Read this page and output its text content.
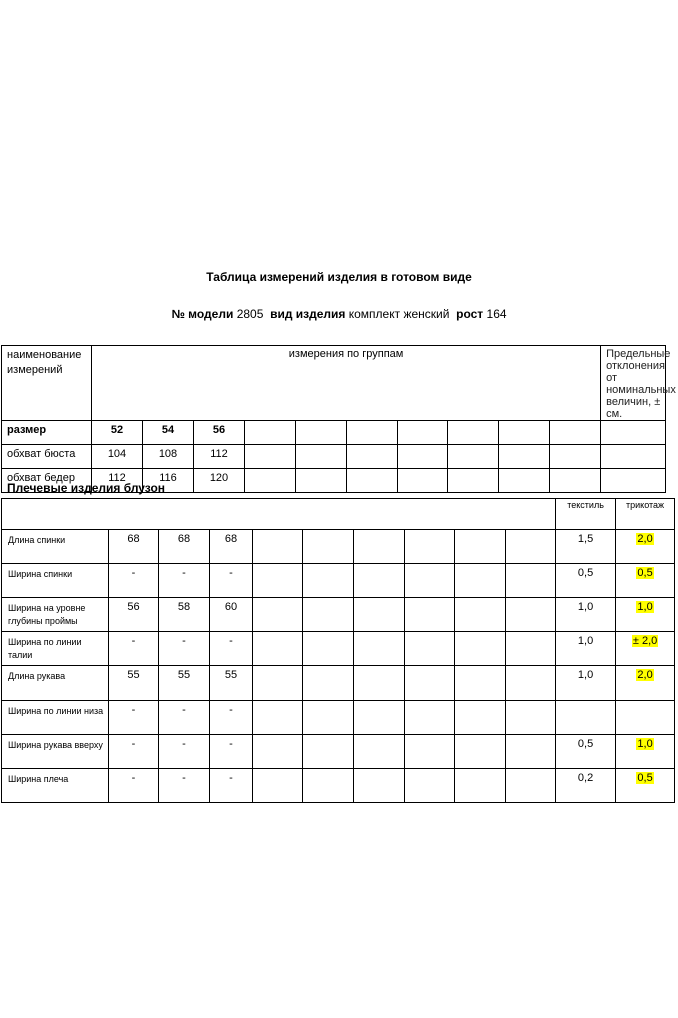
Таблица измерений изделия в готовом виде
№ модели 2805 вид изделия комплект женский рост 164
наименование измерений	измерения по группам										Предельные отклонения от номинальных величин, ± см.
размер	52	54	56								
обхват бюста	104	108	112								
обхват бедер	112	116	120								
Плечевые изделия блузон
										текстиль	трикотаж
Длина спинки	68	68	68							1,5	2,0
Ширина спинки	-	-	-							0,5	0,5
Ширина на уровне глубины проймы	56	58	60							1,0	1,0
Ширина по линии талии	-	-	-							1,0	± 2,0
Длина рукава	55	55	55							1,0	2,0
Ширина по линии низа	-	-	-								
Ширина рукава вверху	-	-	-							0,5	1,0
Ширина плеча	-	-	-							0,2	0,5
